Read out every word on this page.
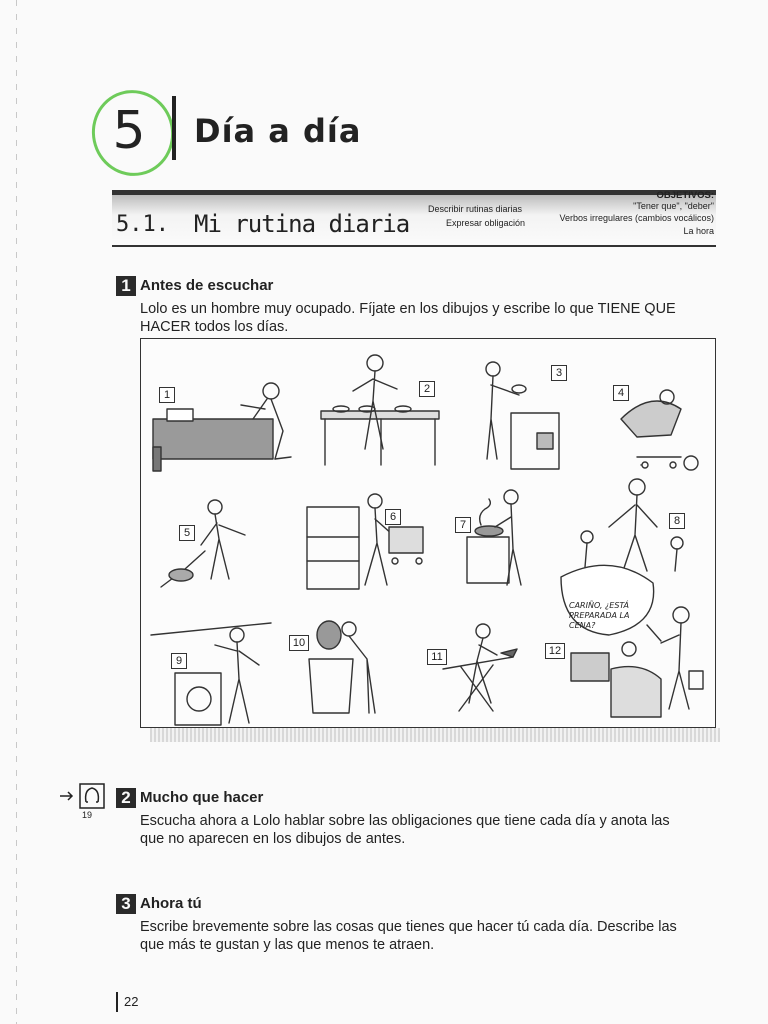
5 Día a día
5.1. Mi rutina diaria
Describir rutinas diarias
Expresar obligación
OBJETIVOS:
"Tener que", "deber"
Verbos irregulares (cambios vocálicos)
La hora
1 Antes de escuchar
Lolo es un hombre muy ocupado. Fíjate en los dibujos y escribe lo que TIENE QUE
HACER todos los días.
1	2
3
4
5
6
7	8
9
10
11	12
CARIÑO, ¿ESTÁ PREPARADA LA CENA?
19
2 Mucho que hacer
Escucha ahora a Lolo hablar sobre las obligaciones que tiene cada día y anota las
que no aparecen en los dibujos de antes.
3 Ahora tú
Escribe brevemente sobre las cosas que tienes que hacer tú cada día. Describe las
que más te gustan y las que menos te atraen.
22
